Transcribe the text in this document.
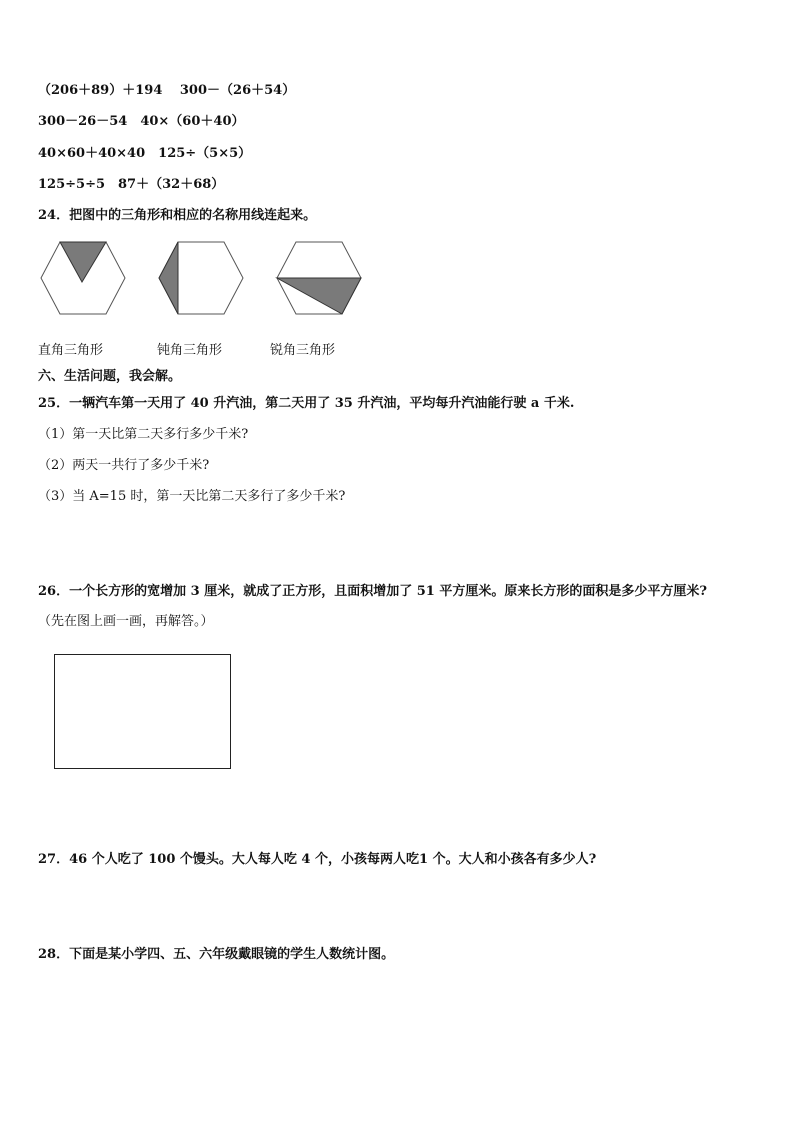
（206＋89）＋194　 300－（26＋54）
300－26－54　40×（60＋40）
40×60＋40×40　125÷（5×5）
125÷5÷5　87＋（32＋68）
24．把图中的三角形和相应的名称用线连起来。
直角三角形	钝角三角形	锐角三角形
六、生活问题，我会解。
25．一辆汽车第一天用了 40 升汽油，第二天用了 35 升汽油，平均每升汽油能行驶 a 千米.
（1）第一天比第二天多行多少千米?
（2）两天一共行了多少千米?
（3）当 A=15 时，第一天比第二天多行了多少千米?
26．一个长方形的宽增加 3 厘米，就成了正方形，且面积增加了 51 平方厘米。原来长方形的面积是多少平方厘米?
（先在图上画一画，再解答。）
27．46 个人吃了 100 个馒头。大人每人吃 4 个，小孩每两人吃1 个。大人和小孩各有多少人?
28．下面是某小学四、五、六年级戴眼镜的学生人数统计图。
